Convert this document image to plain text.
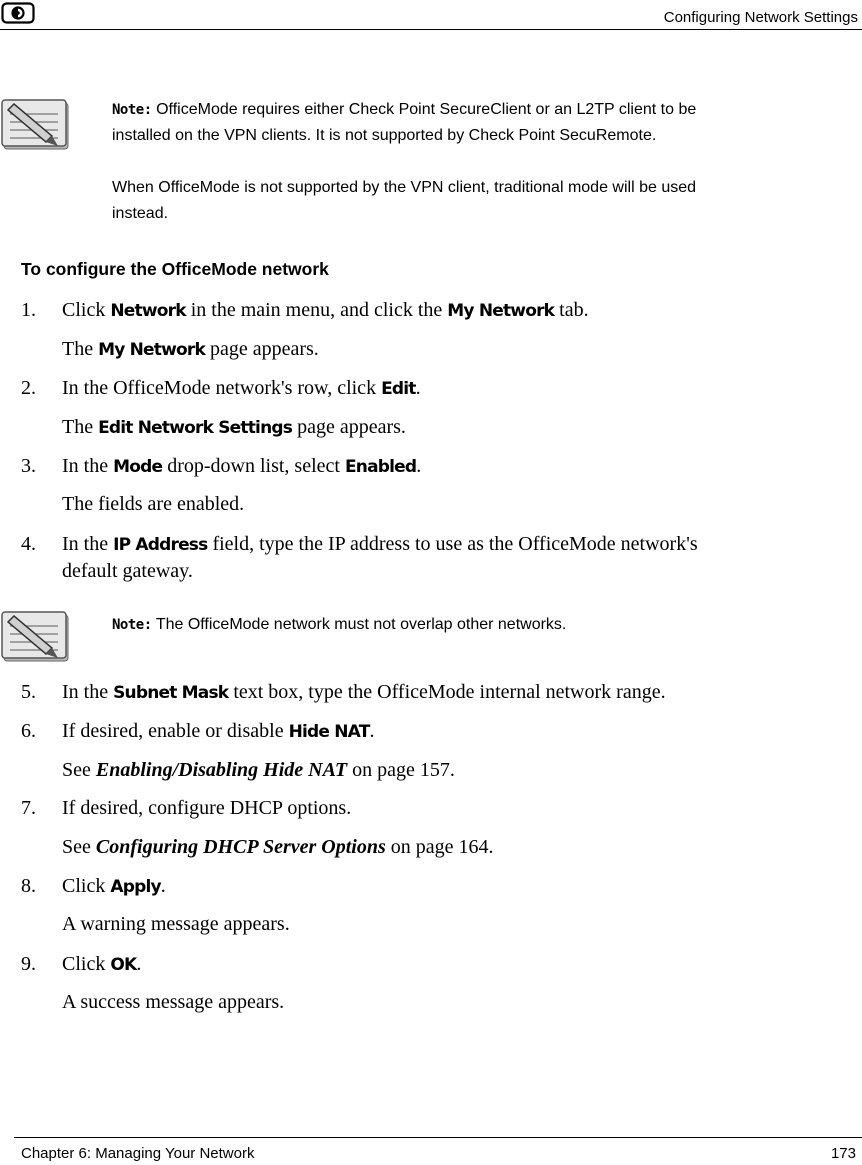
Configuring Network Settings
Note: OfficeMode requires either Check Point SecureClient or an L2TP client to be
installed on the VPN clients. It is not supported by Check Point SecuRemote.
When OfficeMode is not supported by the VPN client, traditional mode will be used
instead.
To configure the OfficeMode network
1.	Click Network in the main menu, and click the My Network tab.
The My Network page appears.
2.	In the OfficeMode network's row, click Edit.
The Edit Network Settings page appears.
3.	In the Mode drop-down list, select Enabled.
The fields are enabled.
4.	In the IP Address field, type the IP address to use as the OfficeMode network's
default gateway.
Note: The OfficeMode network must not overlap other networks.
5.	In the Subnet Mask text box, type the OfficeMode internal network range.
6.	If desired, enable or disable Hide NAT.
See Enabling/Disabling Hide NAT on page 157.
7.	If desired, configure DHCP options.
See Configuring DHCP Server Options on page 164.
8.	Click Apply.
A warning message appears.
9.	Click OK.
A success message appears.
Chapter 6: Managing Your Network	173
